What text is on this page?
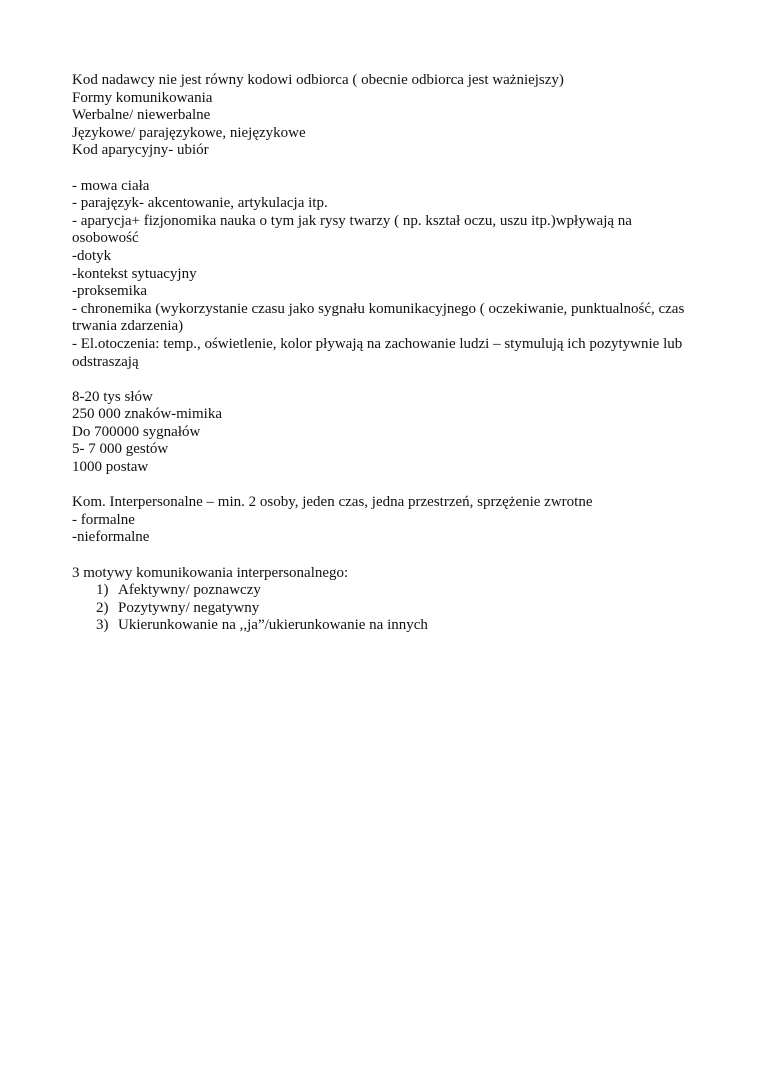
Kod nadawcy nie jest równy kodowi odbiorca ( obecnie odbiorca jest ważniejszy)
Formy komunikowania
Werbalne/ niewerbalne
Językowe/ parajęzykowe, niejęzykowe
Kod aparycyjny- ubiór
- mowa ciała
- parajęzyk- akcentowanie, artykulacja itp.
- aparycja+ fizjonomika nauka o tym jak rysy twarzy ( np. kształ oczu, uszu itp.)wpływają na osobowość
-dotyk
-kontekst sytuacyjny
-proksemika
- chronemika (wykorzystanie czasu jako sygnału komunikacyjnego ( oczekiwanie, punktualność, czas trwania zdarzenia)
- El.otoczenia: temp., oświetlenie, kolor pływają na zachowanie ludzi – stymulują ich pozytywnie lub odstraszają
8-20 tys słów
250 000 znaków-mimika
Do 700000 sygnałów
5- 7 000 gestów
1000 postaw
Kom. Interpersonalne – min. 2 osoby, jeden czas, jedna przestrzeń, sprzężenie zwrotne
- formalne
-nieformalne
3 motywy komunikowania interpersonalnego:
1) Afektywny/ poznawczy
2) Pozytywny/ negatywny
3) Ukierunkowanie na ,,ja”/ukierunkowanie na innych
